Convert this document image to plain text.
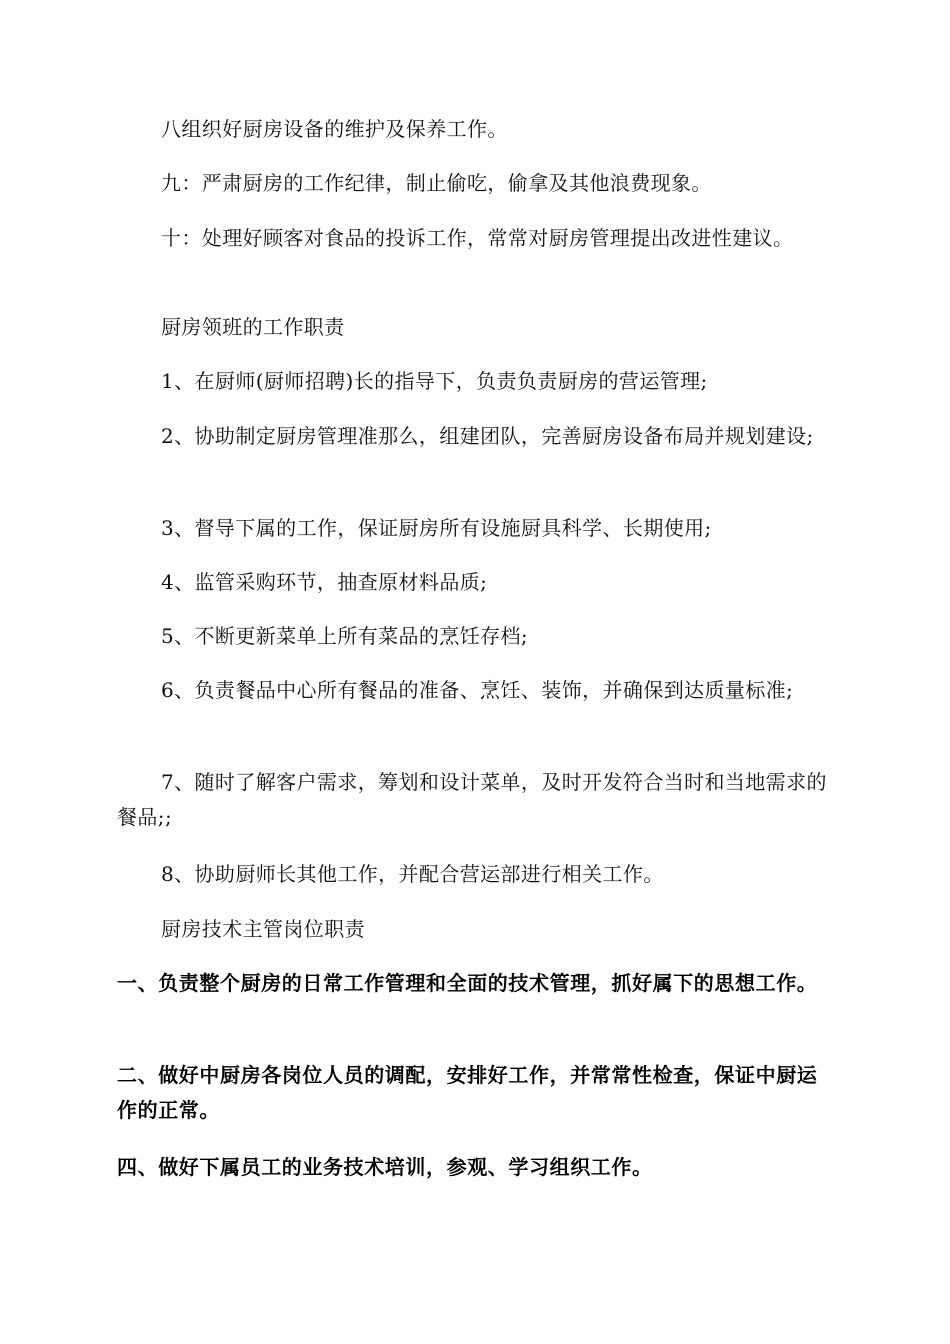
八组织好厨房设备的维护及保养工作。

九：严肃厨房的工作纪律，制止偷吃，偷拿及其他浪费现象。

十：处理好顾客对食品的投诉工作，常常对厨房管理提出改进性建议。

厨房领班的工作职责

1、在厨师(厨师招聘)长的指导下，负责负责厨房的营运管理;

2、协助制定厨房管理准那么，组建团队，完善厨房设备布局并规划建设;

3、督导下属的工作，保证厨房所有设施厨具科学、长期使用;

4、监管采购环节，抽查原材料品质;

5、不断更新菜单上所有菜品的烹饪存档;

6、负责餐品中心所有餐品的准备、烹饪、装饰，并确保到达质量标准;

7、随时了解客户需求，筹划和设计菜单，及时开发符合当时和当地需求的餐品;;

8、协助厨师长其他工作，并配合营运部进行相关工作。

厨房技术主管岗位职责

一、负责整个厨房的日常工作管理和全面的技术管理，抓好属下的思想工作。

二、做好中厨房各岗位人员的调配，安排好工作，并常常性检查，保证中厨运作的正常。

四、做好下属员工的业务技术培训，参观、学习组织工作。
